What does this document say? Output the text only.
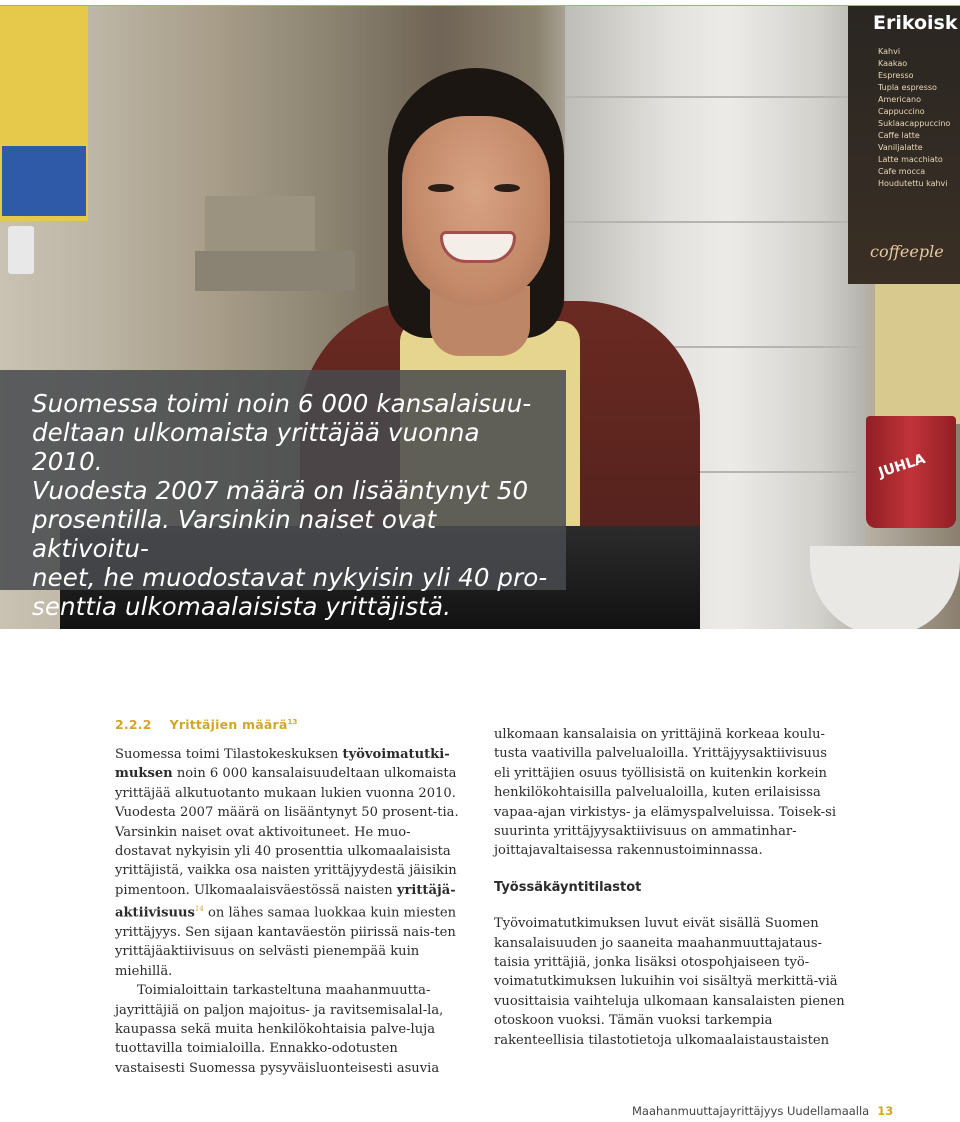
Erikoisk
Kahvi
Kaakao
Espresso
Tupla espresso
Americano
Cappuccino
Suklaacappuccino
Caffe latte
Vaniljalatte
Latte macchiato
Cafe mocca
Houdutettu kahvi
coffeeple
JUHLA

Suomessa toimi noin 6 000 kansalaisuu-
deltaan ulkomaista yrittäjää vuonna 2010.
Vuodesta 2007 määrä on lisääntynyt 50
prosentilla. Varsinkin naiset ovat aktivoitu-
neet, he muodostavat nykyisin yli 40 pro-
senttia ulkomaalaisista yrittäjistä.

2.2.2 Yrittäjien määrä$^{13}$

Suomessa toimi Tilastokeskuksen työvoimatutki-muksen noin 6 000 kansalaisuudeltaan ulkomaista yrittäjää alkutuotanto mukaan lukien vuonna 2010. Vuodesta 2007 määrä on lisääntynyt 50 prosent-tia. Varsinkin naiset ovat aktivoituneet. He muo-dostavat nykyisin yli 40 prosenttia ulkomaalaisista yrittäjistä, vaikka osa naisten yrittäjyydestä jäisikin pimentoon. Ulkomaalaisväestössä naisten yrittäjä-aktiivisuus$^{14}$ on lähes samaa luokkaa kuin miesten yrittäjyys. Sen sijaan kantaväestön piirissä nais-ten yrittäjäaktiivisuus on selvästi pienempää kuin miehillä.

Toimialoittain tarkasteltuna maahanmuutta-jayrittäjiä on paljon majoitus- ja ravitsemisalal-la, kaupassa sekä muita henkilökohtaisia palve-luja tuottavilla toimialoilla. Ennakko-odotusten vastaisesti Suomessa pysyväisluonteisesti asuvia

ulkomaan kansalaisia on yrittäjinä korkeaa koulu-tusta vaativilla palvelualoilla. Yrittäjyysaktiivisuus eli yrittäjien osuus työllisistä on kuitenkin korkein henkilökohtaisilla palvelualoilla, kuten erilaisissa vapaa-ajan virkistys- ja elämyspalveluissa. Toisek-si suurinta yrittäjyysaktiivisuus on ammatinhar-joittajavaltaisessa rakennustoiminnassa.

Työssäkäyntitilastot

Työvoimatutkimuksen luvut eivät sisällä Suomen kansalaisuuden jo saaneita maahanmuuttajataus-taisia yrittäjiä, jonka lisäksi otospohjaiseen työ-voimatutkimuksen lukuihin voi sisältyä merkittä-viä vuosittaisia vaihteluja ulkomaan kansalaisten pienen otoskoon vuoksi. Tämän vuoksi tarkempia rakenteellisia tilastotietoja ulkomaalaistaustaisten

Maahanmuuttajayrittäjyys Uudellamaalla 13
